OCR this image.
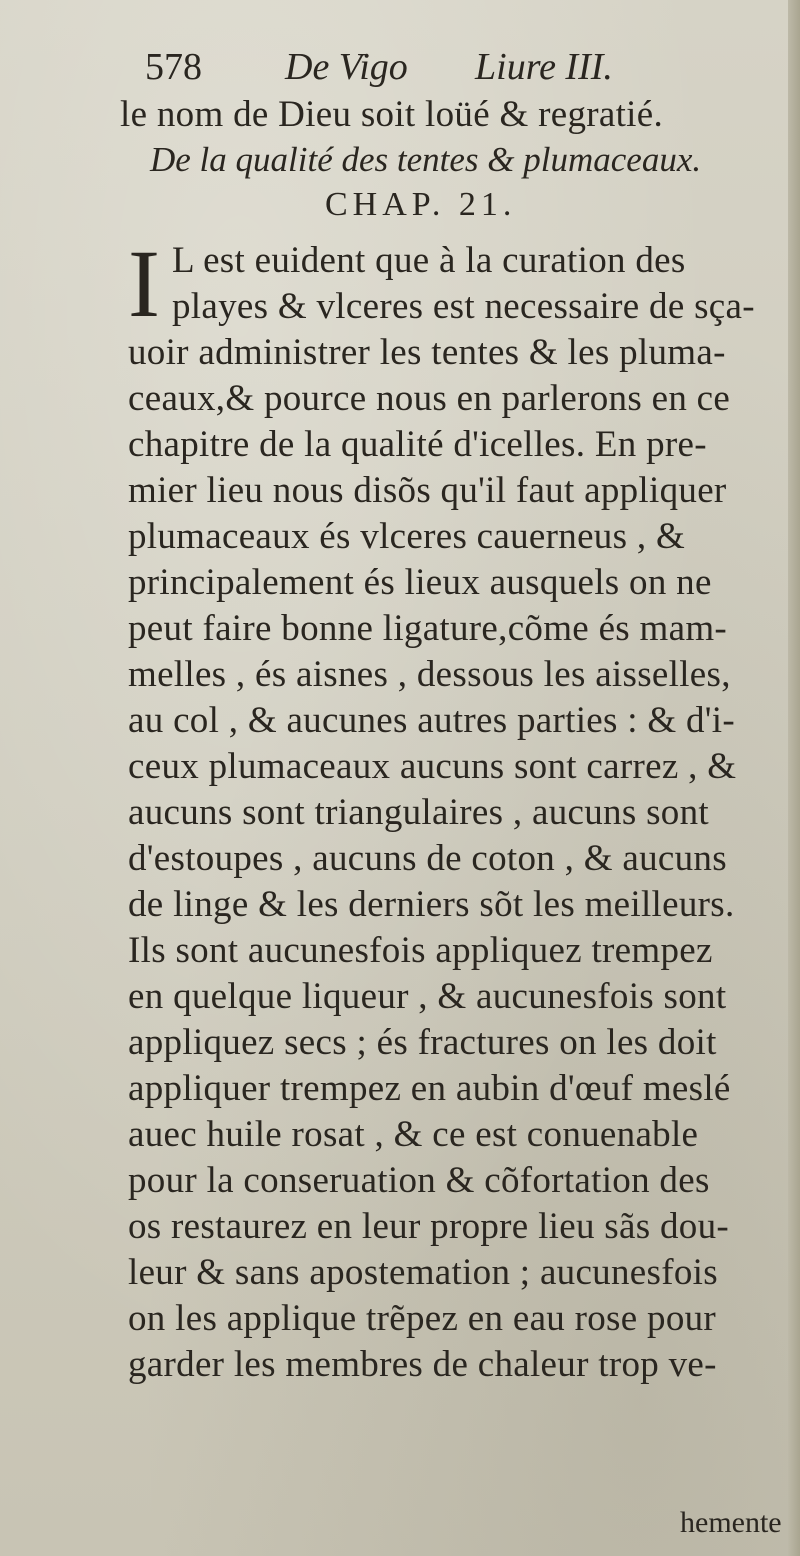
578 De Vigo Liure III.
le nom de Dieu soit loüé & regratié.
De la qualité des tentes & plumaceaux.
CHAP. 21.
I L est euident que à la curation des
playes & vlceres est necessaire de sça-
uoir administrer les tentes & les pluma-
ceaux,& pource nous en parlerons en ce
chapitre de la qualité d'icelles. En pre-
mier lieu nous disõs qu'il faut appliquer
plumaceaux és vlceres cauerneus , &
principalement és lieux ausquels on ne
peut faire bonne ligature,cõme és mam-
melles , és aisnes , dessous les aisselles,
au col , & aucunes autres parties : & d'i-
ceux plumaceaux aucuns sont carrez , &
aucuns sont triangulaires , aucuns sont
d'estoupes , aucuns de coton , & aucuns
de linge & les derniers sõt les meilleurs.
Ils sont aucunesfois appliquez trempez
en quelque liqueur , & aucunesfois sont
appliquez secs ; és fractures on les doit
appliquer trempez en aubin d'œuf meslé
auec huile rosat , & ce est conuenable
pour la conseruation & cõfortation des
os restaurez en leur propre lieu sãs dou-
leur & sans apostemation ; aucunesfois
on les applique trẽpez en eau rose pour
garder les membres de chaleur trop ve-
hemente
